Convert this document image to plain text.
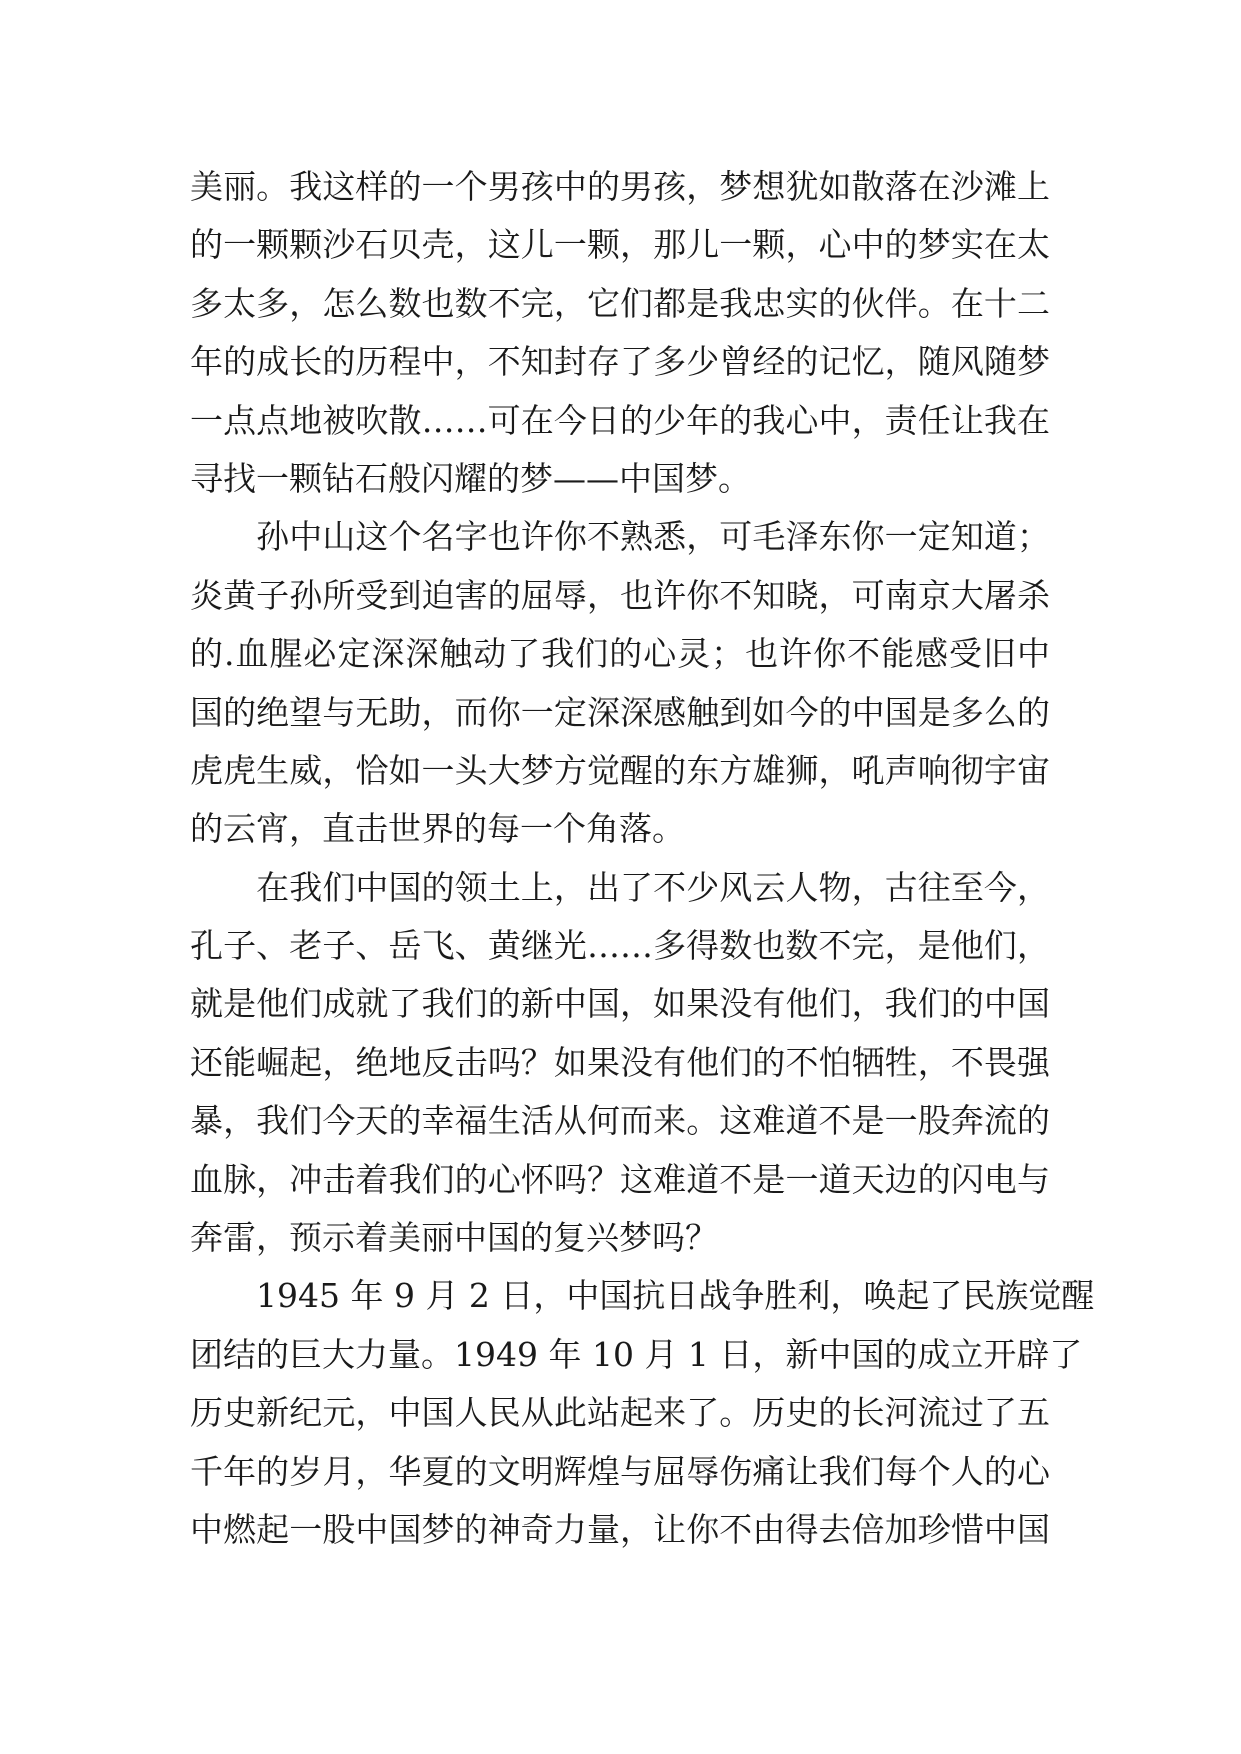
美丽。我这样的一个男孩中的男孩，梦想犹如散落在沙滩上
的一颗颗沙石贝壳，这儿一颗，那儿一颗，心中的梦实在太
多太多，怎么数也数不完，它们都是我忠实的伙伴。在十二
年的成长的历程中，不知封存了多少曾经的记忆，随风随梦
一点点地被吹散……可在今日的少年的我心中，责任让我在
寻找一颗钻石般闪耀的梦——中国梦。
　　孙中山这个名字也许你不熟悉，可毛泽东你一定知道；
炎黄子孙所受到迫害的屈辱，也许你不知晓，可南京大屠杀
的.血腥必定深深触动了我们的心灵；也许你不能感受旧中
国的绝望与无助，而你一定深深感触到如今的中国是多么的
虎虎生威，恰如一头大梦方觉醒的东方雄狮，吼声响彻宇宙
的云宵，直击世界的每一个角落。
　　在我们中国的领土上，出了不少风云人物，古往至今，
孔子、老子、岳飞、黄继光……多得数也数不完，是他们，
就是他们成就了我们的新中国，如果没有他们，我们的中国
还能崛起，绝地反击吗？如果没有他们的不怕牺牲，不畏强
暴，我们今天的幸福生活从何而来。这难道不是一股奔流的
血脉，冲击着我们的心怀吗？这难道不是一道天边的闪电与
奔雷，预示着美丽中国的复兴梦吗？
　　1945 年 9 月 2 日，中国抗日战争胜利，唤起了民族觉醒
团结的巨大力量。1949 年 10 月 1 日，新中国的成立开辟了
历史新纪元，中国人民从此站起来了。历史的长河流过了五
千年的岁月，华夏的文明辉煌与屈辱伤痛让我们每个人的心
中燃起一股中国梦的神奇力量，让你不由得去倍加珍惜中国
